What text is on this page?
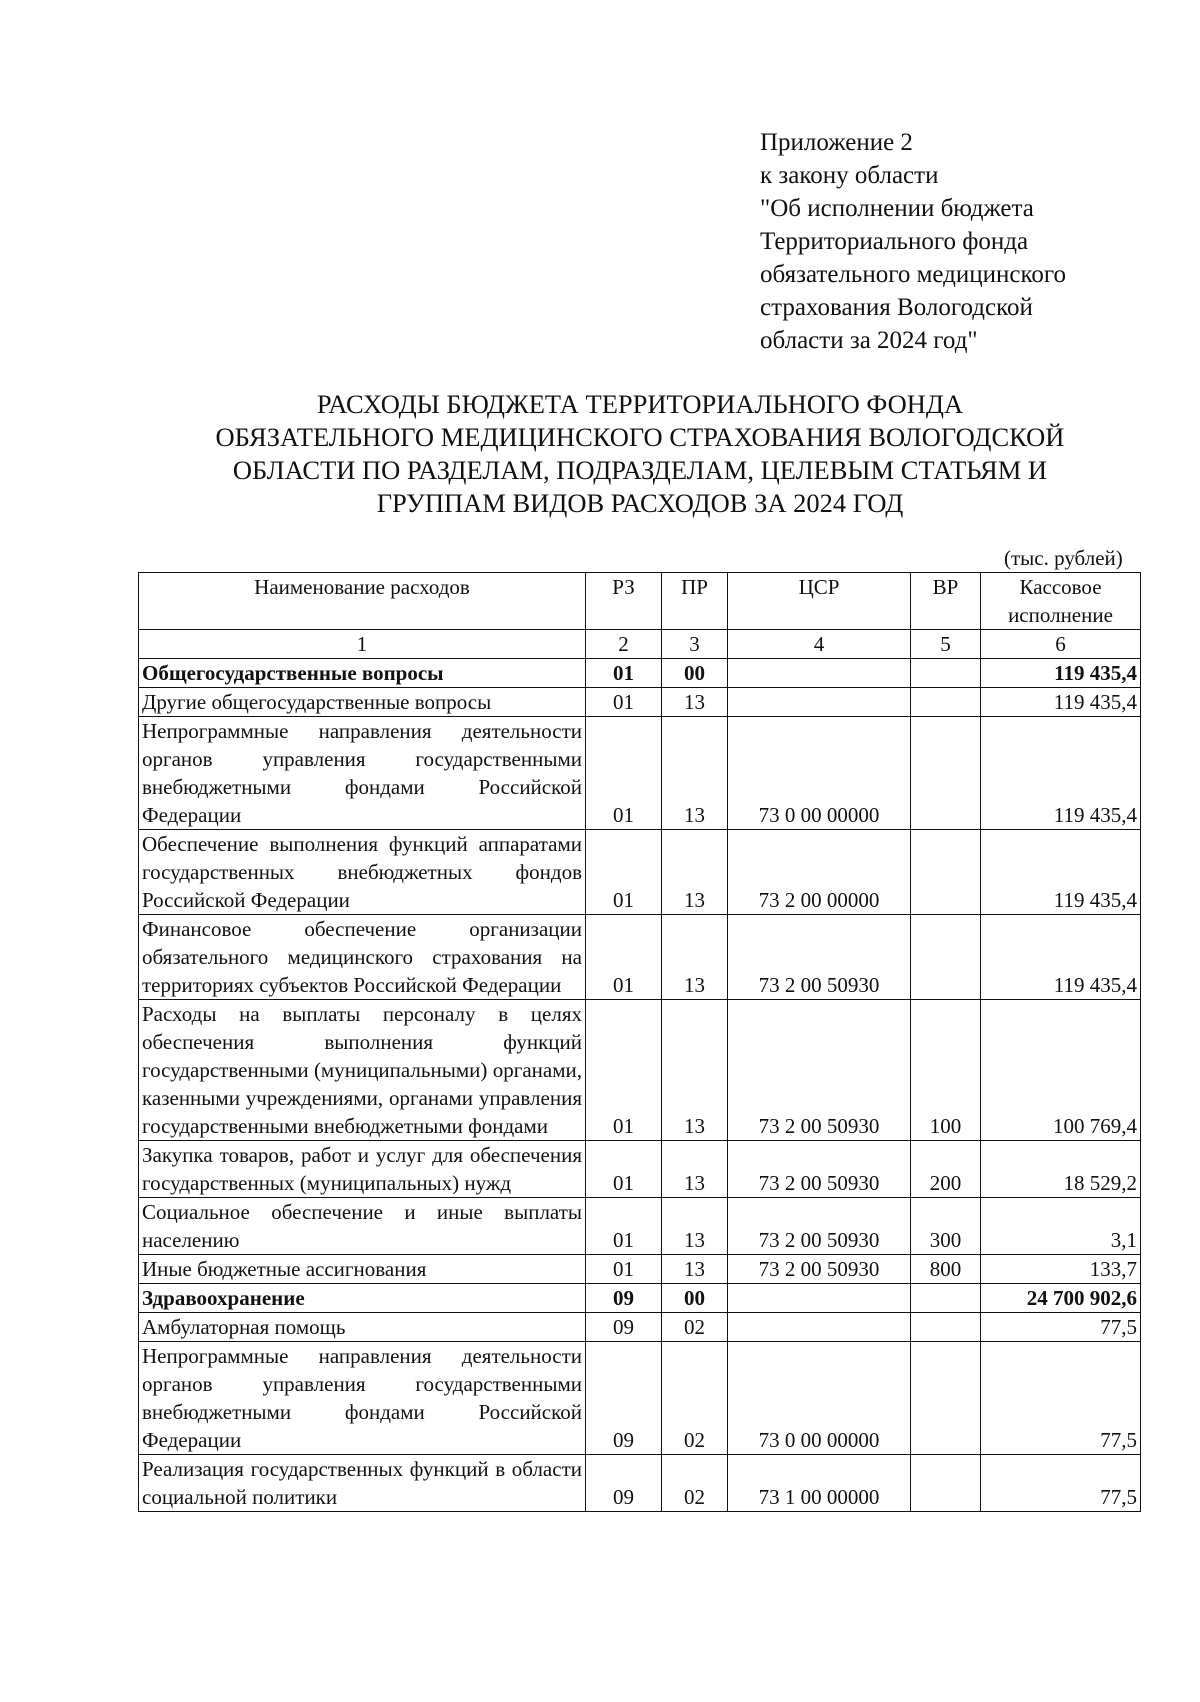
Приложение 2
к закону области
"Об исполнении бюджета
Территориального фонда
обязательного медицинского
страхования Вологодской
области за 2024 год"
РАСХОДЫ БЮДЖЕТА ТЕРРИТОРИАЛЬНОГО ФОНДА
ОБЯЗАТЕЛЬНОГО МЕДИЦИНСКОГО СТРАХОВАНИЯ ВОЛОГОДСКОЙ
ОБЛАСТИ ПО РАЗДЕЛАМ, ПОДРАЗДЕЛАМ, ЦЕЛЕВЫМ СТАТЬЯМ И
ГРУППАМ ВИДОВ РАСХОДОВ ЗА 2024 ГОД
(тыс. рублей)
Наименование расходов	РЗ	ПР	ЦСР	ВР	Кассовое исполнение
1	2	3	4	5	6
Общегосударственные вопросы	01	00			119 435,4
Другие общегосударственные вопросы	01	13			119 435,4
Непрограммные направления деятельности органов управления государственными внебюджетными фондами Российской Федерации	01	13	73 0 00 00000		119 435,4
Обеспечение выполнения функций аппаратами государственных внебюджетных фондов Российской Федерации	01	13	73 2 00 00000		119 435,4
Финансовое обеспечение организации обязательного медицинского страхования на территориях субъектов Российской Федерации	01	13	73 2 00 50930		119 435,4
Расходы на выплаты персоналу в целях обеспечения выполнения функций государственными (муниципальными) органами, казенными учреждениями, органами управления государственными внебюджетными фондами	01	13	73 2 00 50930	100	100 769,4
Закупка товаров, работ и услуг для обеспечения государственных (муниципальных) нужд	01	13	73 2 00 50930	200	18 529,2
Социальное обеспечение и иные выплаты населению	01	13	73 2 00 50930	300	3,1
Иные бюджетные ассигнования	01	13	73 2 00 50930	800	133,7
Здравоохранение	09	00			24 700 902,6
Амбулаторная помощь	09	02			77,5
Непрограммные направления деятельности органов управления государственными внебюджетными фондами Российской Федерации	09	02	73 0 00 00000		77,5
Реализация государственных функций в области социальной политики	09	02	73 1 00 00000		77,5
